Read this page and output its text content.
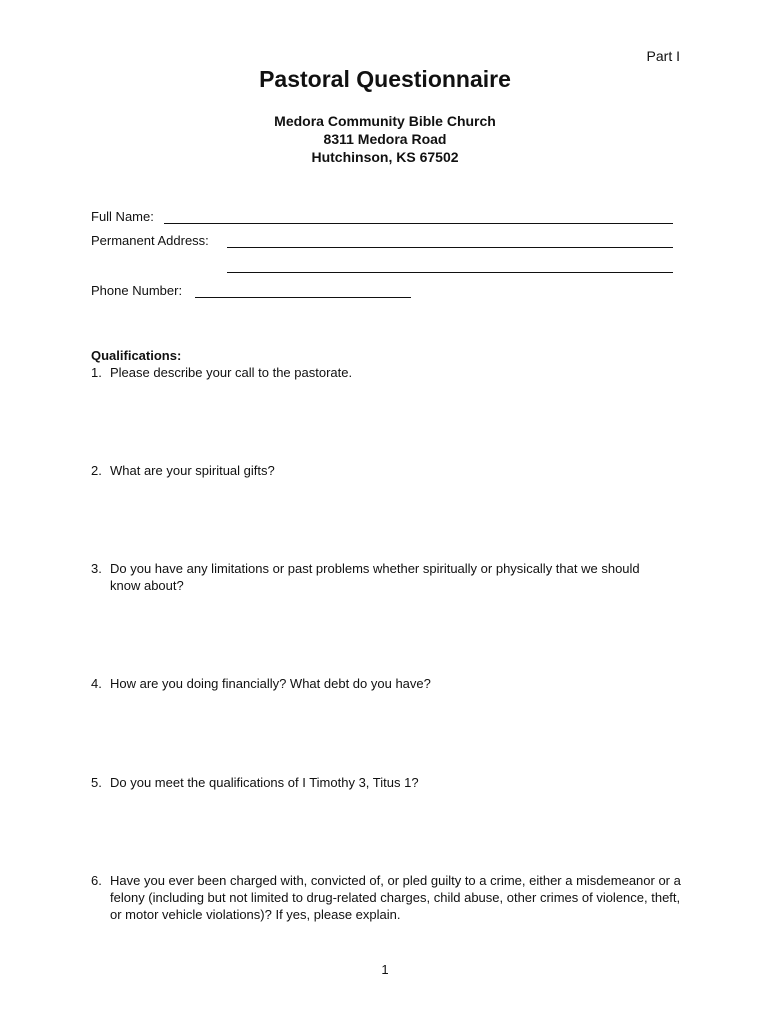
Part I
Pastoral Questionnaire
Medora Community Bible Church
8311 Medora Road
Hutchinson, KS 67502
Full Name:
Permanent Address:
Phone Number:
Qualifications:
1. Please describe your call to the pastorate.
2. What are your spiritual gifts?
3. Do you have any limitations or past problems whether spiritually or physically that we should know about?
4. How are you doing financially? What debt do you have?
5. Do you meet the qualifications of I Timothy 3, Titus 1?
6. Have you ever been charged with, convicted of, or pled guilty to a crime, either a misdemeanor or a felony (including but not limited to drug-related charges, child abuse, other crimes of violence, theft, or motor vehicle violations)? If yes, please explain.
1
